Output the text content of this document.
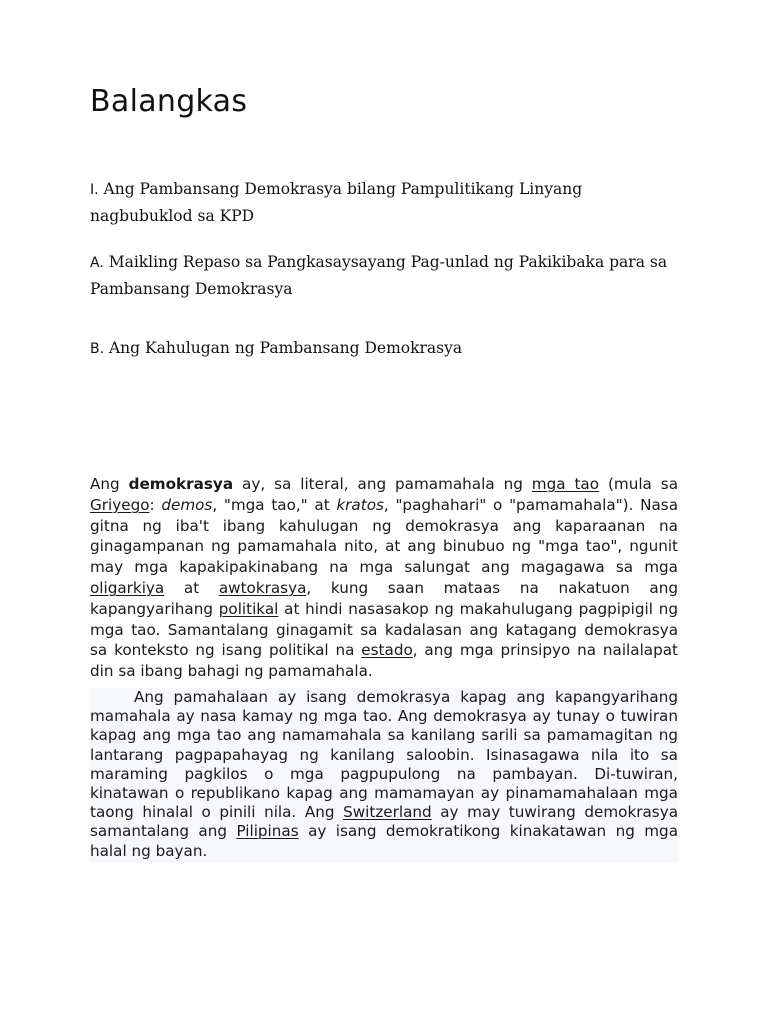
Balangkas

I. Ang Pambansang Demokrasya bilang Pampulitikang Linyang nagbubuklod sa KPD

A. Maikling Repaso sa Pangkasaysayang Pag-unlad ng Pakikibaka para sa Pambansang Demokrasya

B. Ang Kahulugan ng Pambansang Demokrasya

Ang demokrasya ay, sa literal, ang pamamahala ng mga tao (mula sa Griyego: demos, "mga tao," at kratos, "paghahari" o "pamamahala"). Nasa gitna ng iba't ibang kahulugan ng demokrasya ang kaparaanan na ginagampanan ng pamamahala nito, at ang binubuo ng "mga tao", ngunit may mga kapakipakinabang na mga salungat ang magagawa sa mga oligarkiya at awtokrasya, kung saan mataas na nakatuon ang kapangyarihang politikal at hindi nasasakop ng makahulugang pagpipigil ng mga tao. Samantalang ginagamit sa kadalasan ang katagang demokrasya sa konteksto ng isang politikal na estado, ang mga prinsipyo na nailalapat din sa ibang bahagi ng pamamahala.

Ang pamahalaan ay isang demokrasya kapag ang kapangyarihang mamahala ay nasa kamay ng mga tao. Ang demokrasya ay tunay o tuwiran kapag ang mga tao ang namamahala sa kanilang sarili sa pamamagitan ng lantarang pagpapahayag ng kanilang saloobin. Isinasagawa nila ito sa maraming pagkilos o mga pagpupulong na pambayan. Di-tuwiran, kinatawan o republikano kapag ang mamamayan ay pinamamahalaan mga taong hinalal o pinili nila. Ang Switzerland ay may tuwirang demokrasya samantalang ang Pilipinas ay isang demokratikong kinakatawan ng mga halal ng bayan.
